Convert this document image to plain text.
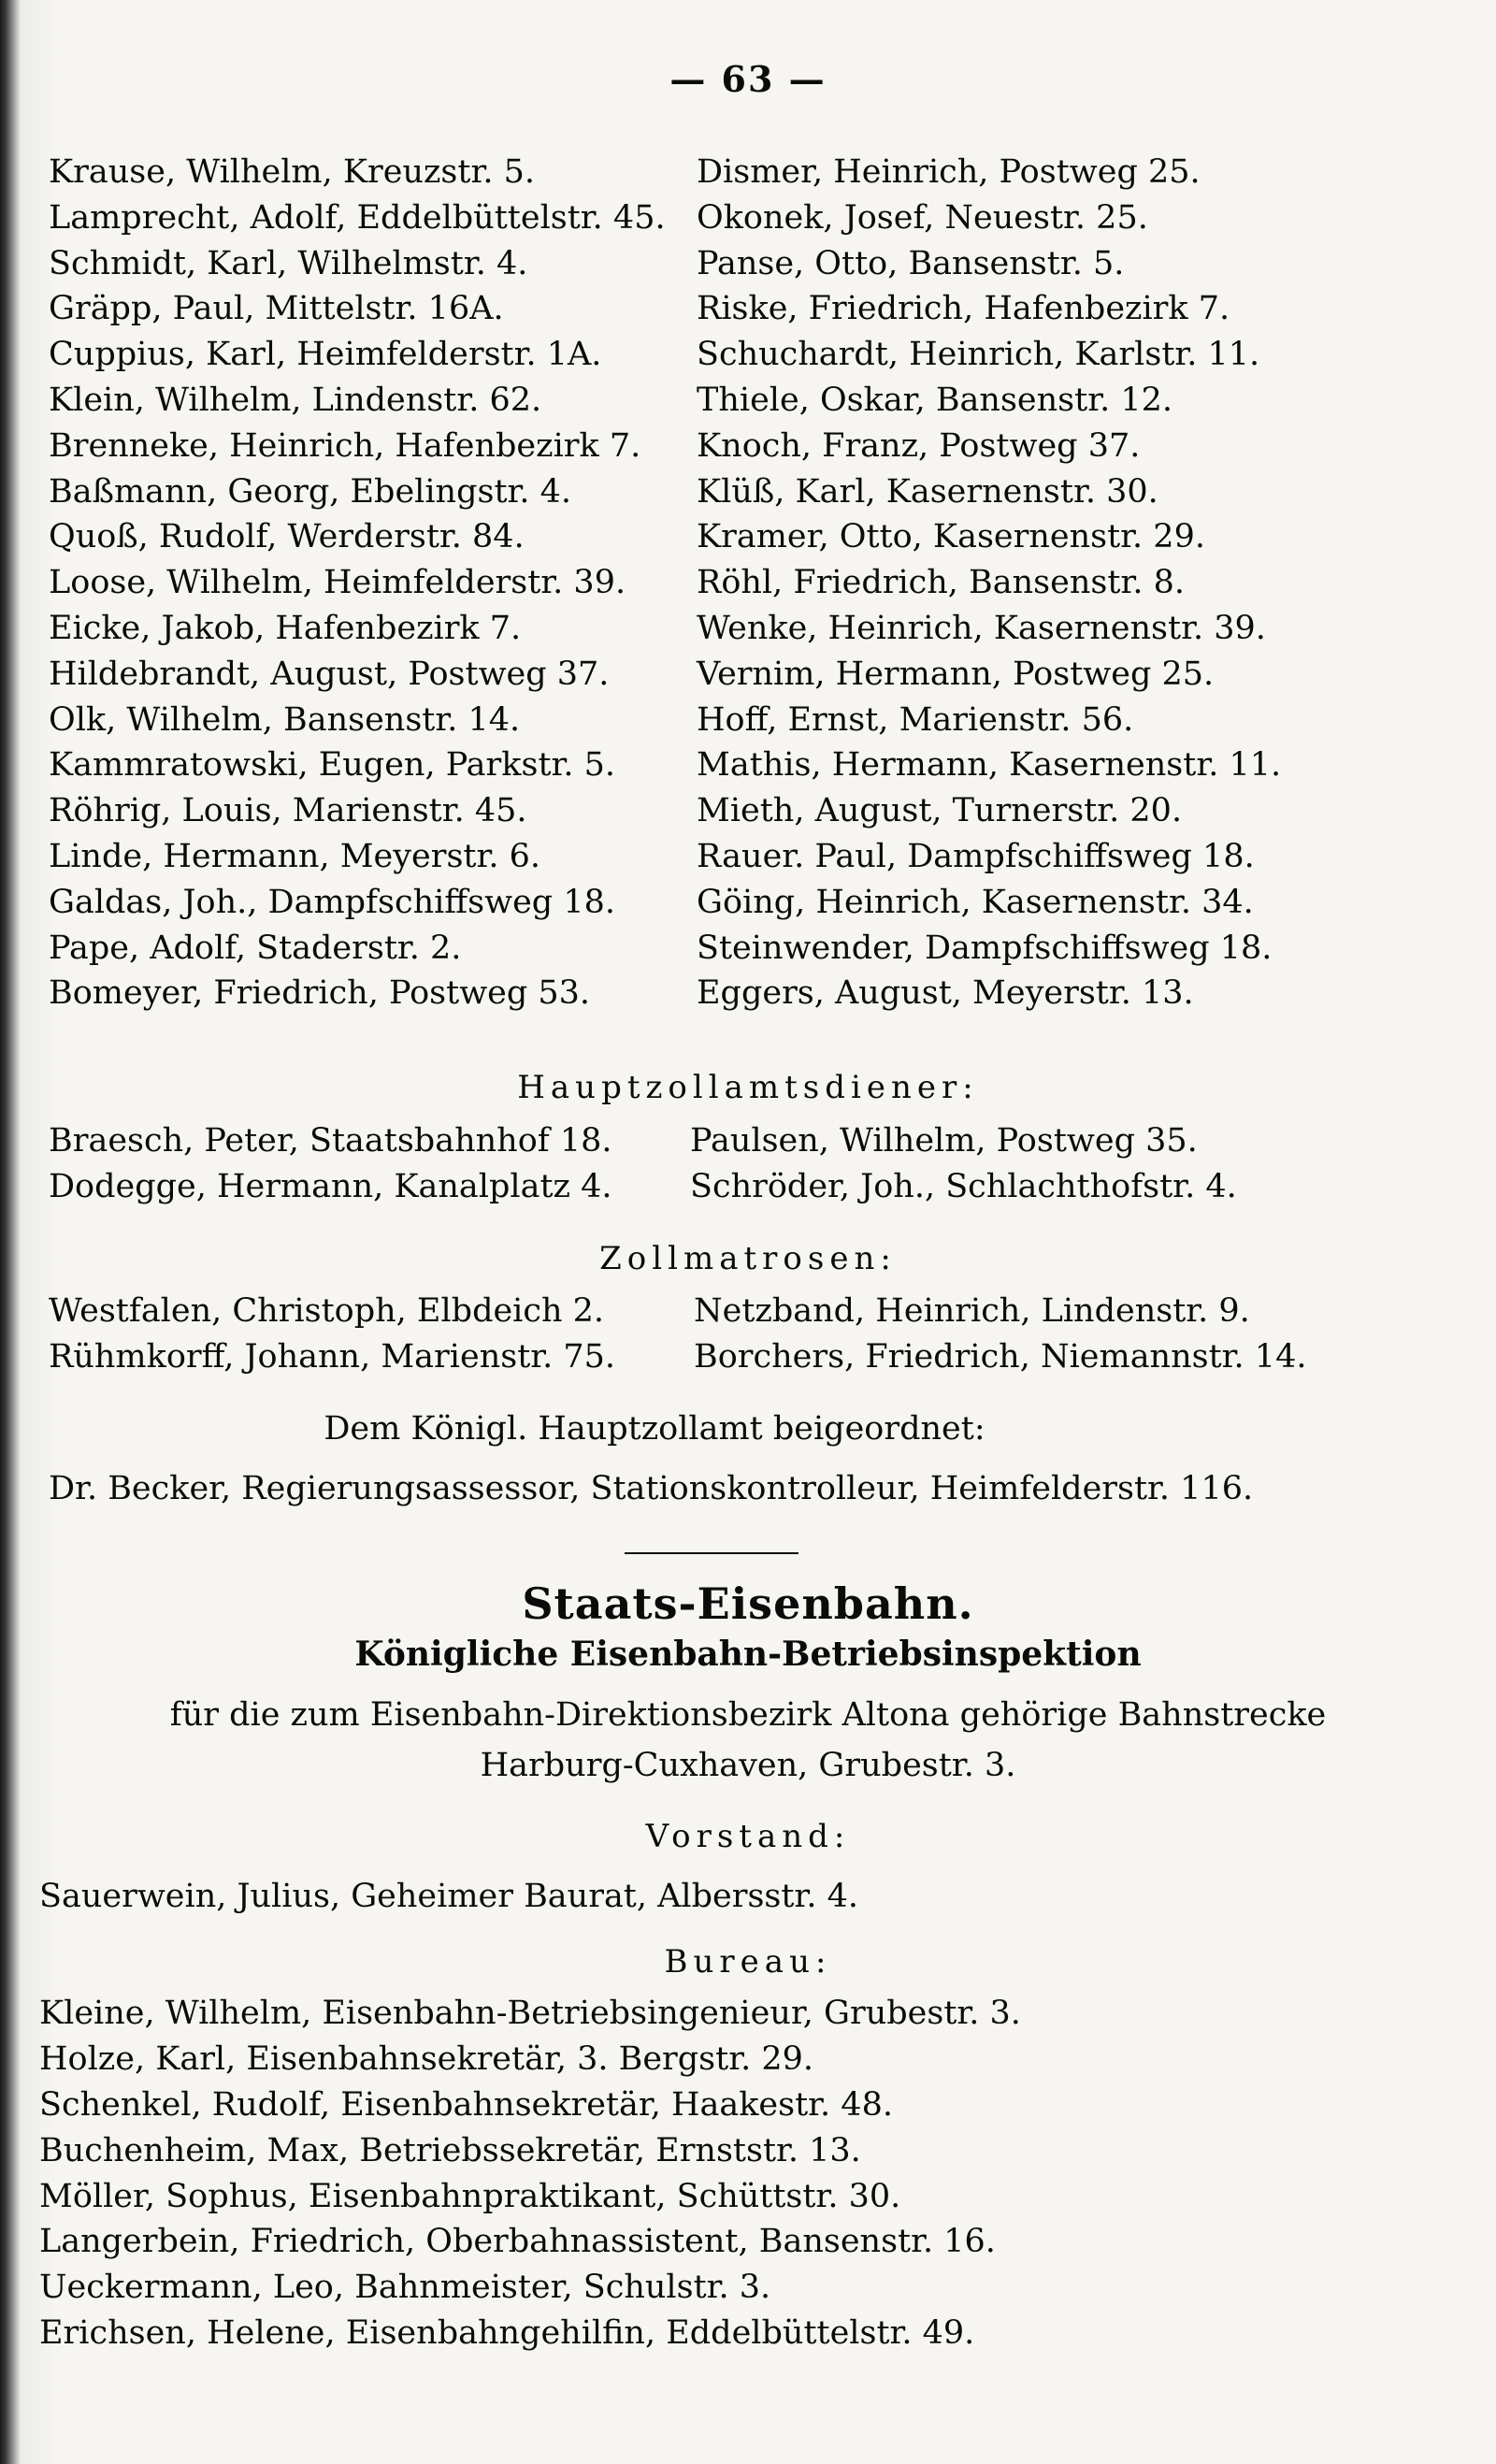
— 63 —
Krause, Wilhelm, Kreuzstr. 5.
Lamprecht, Adolf, Eddelbüttelstr. 45.
Schmidt, Karl, Wilhelmstr. 4.
Gräpp, Paul, Mittelstr. 16A.
Cuppius, Karl, Heimfelderstr. 1A.
Klein, Wilhelm, Lindenstr. 62.
Brenneke, Heinrich, Hafenbezirk 7.
Baßmann, Georg, Ebelingstr. 4.
Quoß, Rudolf, Werderstr. 84.
Loose, Wilhelm, Heimfelderstr. 39.
Eicke, Jakob, Hafenbezirk 7.
Hildebrandt, August, Postweg 37.
Olk, Wilhelm, Bansenstr. 14.
Kammratowski, Eugen, Parkstr. 5.
Röhrig, Louis, Marienstr. 45.
Linde, Hermann, Meyerstr. 6.
Galdas, Joh., Dampfschiffsweg 18.
Pape, Adolf, Staderstr. 2.
Bomeyer, Friedrich, Postweg 53.
Dismer, Heinrich, Postweg 25.
Okonek, Josef, Neuestr. 25.
Panse, Otto, Bansenstr. 5.
Riske, Friedrich, Hafenbezirk 7.
Schuchardt, Heinrich, Karlstr. 11.
Thiele, Oskar, Bansenstr. 12.
Knoch, Franz, Postweg 37.
Klüß, Karl, Kasernenstr. 30.
Kramer, Otto, Kasernenstr. 29.
Röhl, Friedrich, Bansenstr. 8.
Wenke, Heinrich, Kasernenstr. 39.
Vernim, Hermann, Postweg 25.
Hoff, Ernst, Marienstr. 56.
Mathis, Hermann, Kasernenstr. 11.
Mieth, August, Turnerstr. 20.
Rauer. Paul, Dampfschiffsweg 18.
Göing, Heinrich, Kasernenstr. 34.
Steinwender, Dampfschiffsweg 18.
Eggers, August, Meyerstr. 13.
Hauptzollamtsdiener:
Braesch, Peter, Staatsbahnhof 18.
Dodegge, Hermann, Kanalplatz 4.
Paulsen, Wilhelm, Postweg 35.
Schröder, Joh., Schlachthofstr. 4.
Zollmatrosen:
Westfalen, Christoph, Elbdeich 2.
Rühmkorff, Johann, Marienstr. 75.
Netzband, Heinrich, Lindenstr. 9.
Borchers, Friedrich, Niemannstr. 14.
Dem Königl. Hauptzollamt beigeordnet:
Dr. Becker, Regierungsassessor, Stationskontrolleur, Heimfelderstr. 116.
Staats-Eisenbahn.
Königliche Eisenbahn-Betriebsinspektion
für die zum Eisenbahn-Direktionsbezirk Altona gehörige Bahnstrecke
Harburg-Cuxhaven, Grubestr. 3.
Vorstand:
Sauerwein, Julius, Geheimer Baurat, Albersstr. 4.
Bureau:
Kleine, Wilhelm, Eisenbahn-Betriebsingenieur, Grubestr. 3.
Holze, Karl, Eisenbahnsekretär, 3. Bergstr. 29.
Schenkel, Rudolf, Eisenbahnsekretär, Haakestr. 48.
Buchenheim, Max, Betriebssekretär, Ernststr. 13.
Möller, Sophus, Eisenbahnpraktikant, Schüttstr. 30.
Langerbein, Friedrich, Oberbahnassistent, Bansenstr. 16.
Ueckermann, Leo, Bahnmeister, Schulstr. 3.
Erichsen, Helene, Eisenbahngehilfin, Eddelbüttelstr. 49.
